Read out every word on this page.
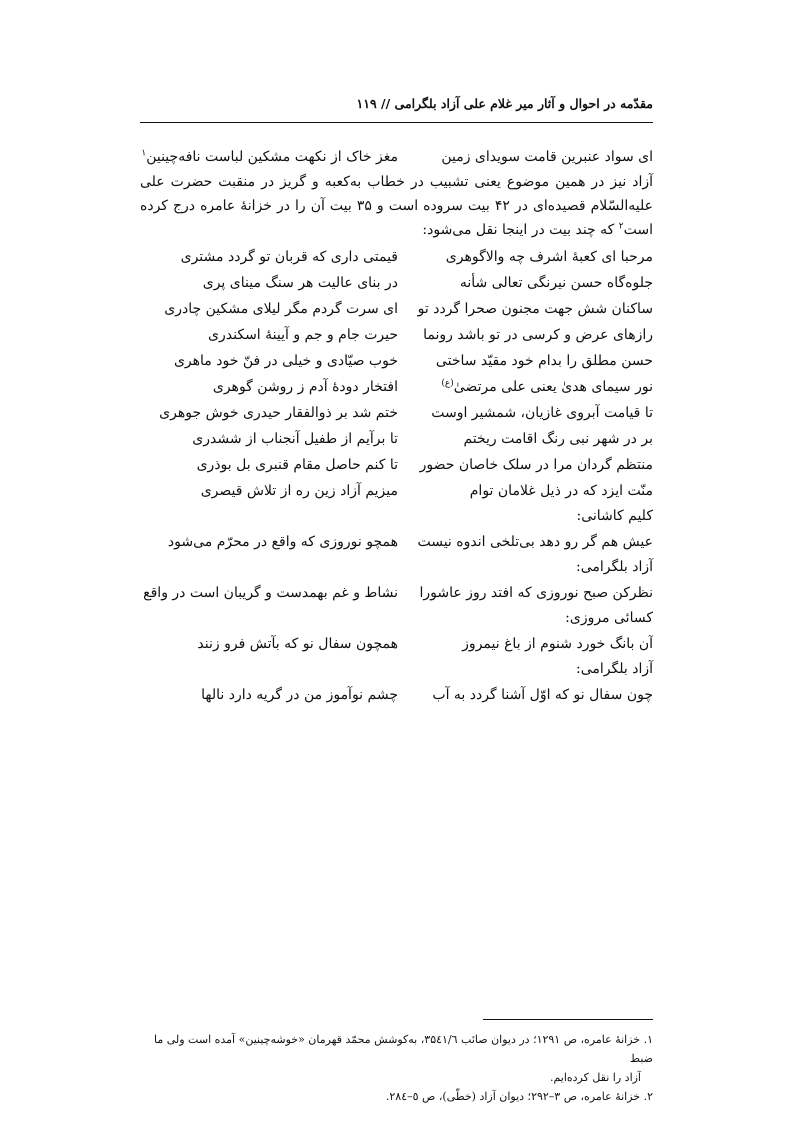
مقدّمه در احوال و آثار میر غلام علی آزاد بلگرامی // ۱۱۹
ای سواد عنبرین قامت سویدای زمین
مغز خاک از نکهت مشکین لباست نافه‌چینین$^۱$

آزاد نیز در همین موضوع یعنی تشبیب در خطاب به‌کعبه و گریز در منقبت حضرت علی علیه‌السّلام قصیده‌ای در ۴۲ بیت سروده است و ۳۵ بیت آن را در خزانهٔ عامره درج کرده است$^۲$ که چند بیت در اینجا نقل می‌شود:

مرحبا ای کعبهٔ اشرف چه والاگوهری
قیمتی داری که قربان تو گردد مشتری
جلوه‌گاه حسن نیرنگی تعالی شأنه
در بنای عالیت هر سنگ مینای پری
ساکنان شش جهت مجنون صحرا گردد تو
ای سرت گردم مگر لیلای مشکین چادری
رازهای عرض و کرسی در تو باشد رونما
حیرت جام و جم و آیینهٔ اسکندری
حسن مطلق را بدام خود مقیّد ساختی
خوب صیّادی و خیلی در فنّ خود ماهری
نور سیمای هدیٰ یعنی علی مرتضیٰ$^{(ع)}$
افتخار دودهٔ آدم ز روشن گوهری
تا قیامت آبروی غازیان، شمشیر اوست
ختم شد بر ذوالفقار حیدری خوش جوهری
بر در شهر نبی رنگ اقامت ریختم
تا برآیم از طفیل آنجناب از ششدری
منتظم گردان مرا در سلک خاصان حضور
تا کنم حاصل مقام قنبری بل بوذری
منّت ایزد که در ذیل غلامان توام
میزیم آزاد زین ره از تلاش قیصری
کلیم کاشانی:
عیش هم گر رو دهد بی‌تلخی اندوه نیست
همچو نوروزی که واقع در محرّم می‌شود
آزاد بلگرامی:
نظرکن صبح نوروزی که افتد روز عاشورا
نشاط و غم بهمدست و گریبان است در واقع
کسائی مروزی:
آن بانگ خورد شنوم از باغ نیمروز
همچون سفال نو که بآتش فرو زنند
آزاد بلگرامی:
چون سفال نو که اوّل آشنا گردد به آب
چشم نوآموز من در گریه دارد نالها

۱. خزانهٔ عامره، ص ۱۲۹۱؛ در دیوان صائب ۳۵٤۱/٦، به‌کوشش محمّد قهرمان «خوشه‌چینین» آمده است ولی ما ضبط

آزاد را نقل کرده‌ایم.

۲. خزانهٔ عامره، ص ۳–۲۹۲؛ دیوان آزاد (خطّی)، ص ٥–۲۸٤.
